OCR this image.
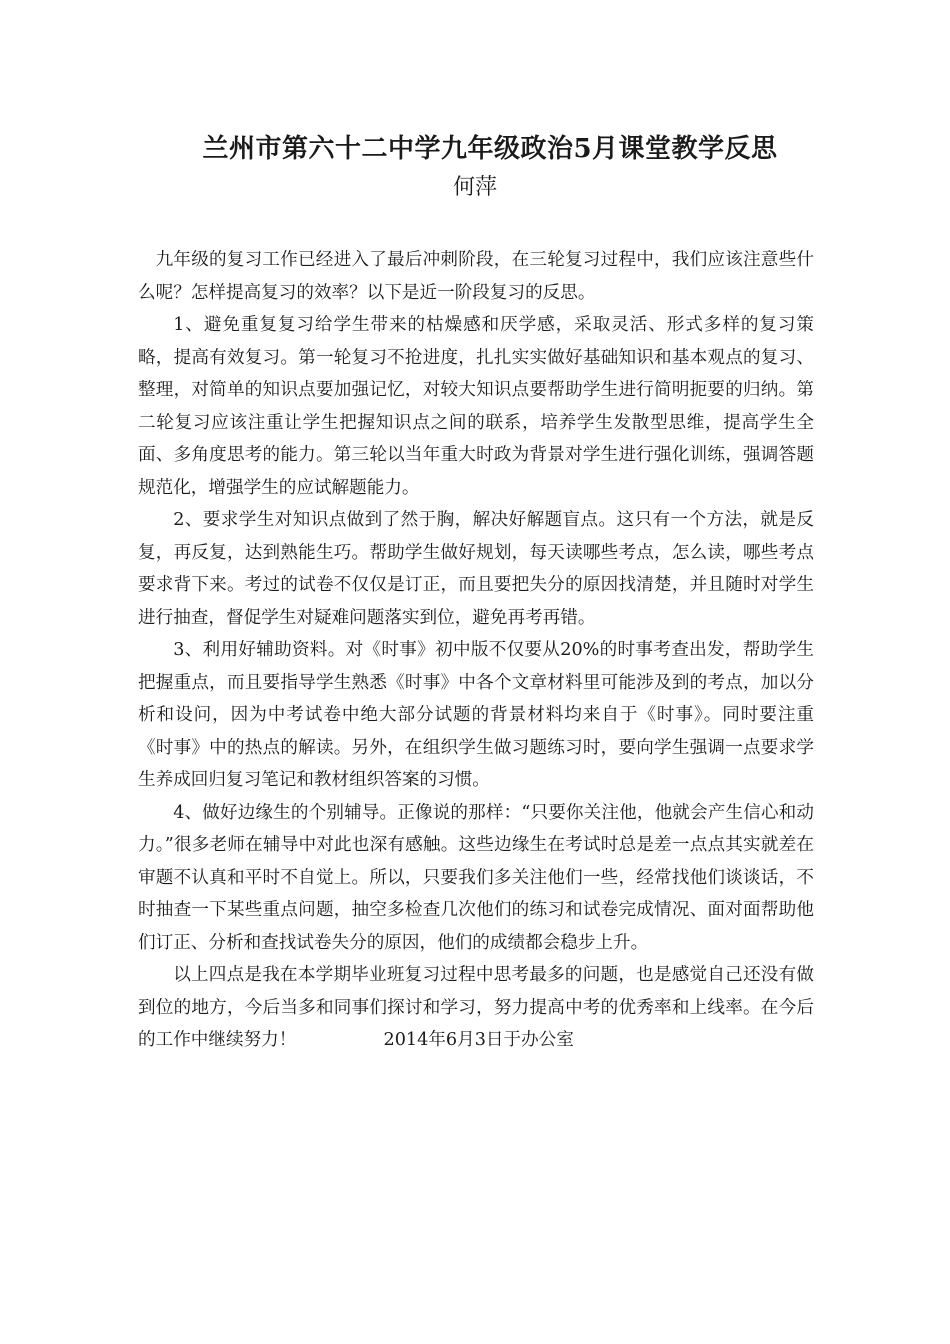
兰州市第六十二中学九年级政治5月课堂教学反思
何萍

九年级的复习工作已经进入了最后冲刺阶段，在三轮复习过程中，我们应该注意些什么呢？怎样提高复习的效率？以下是近一阶段复习的反思。

1、避免重复复习给学生带来的枯燥感和厌学感，采取灵活、形式多样的复习策略，提高有效复习。第一轮复习不抢进度，扎扎实实做好基础知识和基本观点的复习、整理，对简单的知识点要加强记忆，对较大知识点要帮助学生进行简明扼要的归纳。第二轮复习应该注重让学生把握知识点之间的联系，培养学生发散型思维，提高学生全面、多角度思考的能力。第三轮以当年重大时政为背景对学生进行强化训练，强调答题规范化，增强学生的应试解题能力。

2、要求学生对知识点做到了然于胸，解决好解题盲点。这只有一个方法，就是反复，再反复，达到熟能生巧。帮助学生做好规划，每天读哪些考点，怎么读，哪些考点要求背下来。考过的试卷不仅仅是订正，而且要把失分的原因找清楚，并且随时对学生进行抽查，督促学生对疑难问题落实到位，避免再考再错。

3、利用好辅助资料。对《时事》初中版不仅要从20%的时事考查出发，帮助学生把握重点，而且要指导学生熟悉《时事》中各个文章材料里可能涉及到的考点，加以分析和设问，因为中考试卷中绝大部分试题的背景材料均来自于《时事》。同时要注重《时事》中的热点的解读。另外，在组织学生做习题练习时，要向学生强调一点要求学生养成回归复习笔记和教材组织答案的习惯。

4、做好边缘生的个别辅导。正像说的那样：“只要你关注他，他就会产生信心和动力。”很多老师在辅导中对此也深有感触。这些边缘生在考试时总是差一点点其实就差在审题不认真和平时不自觉上。所以，只要我们多关注他们一些，经常找他们谈谈话，不时抽查一下某些重点问题，抽空多检查几次他们的练习和试卷完成情况、面对面帮助他们订正、分析和查找试卷失分的原因，他们的成绩都会稳步上升。

以上四点是我在本学期毕业班复习过程中思考最多的问题，也是感觉自己还没有做到位的地方，今后当多和同事们探讨和学习，努力提高中考的优秀率和上线率。在今后的工作中继续努力！	2014年6月3日于办公室
